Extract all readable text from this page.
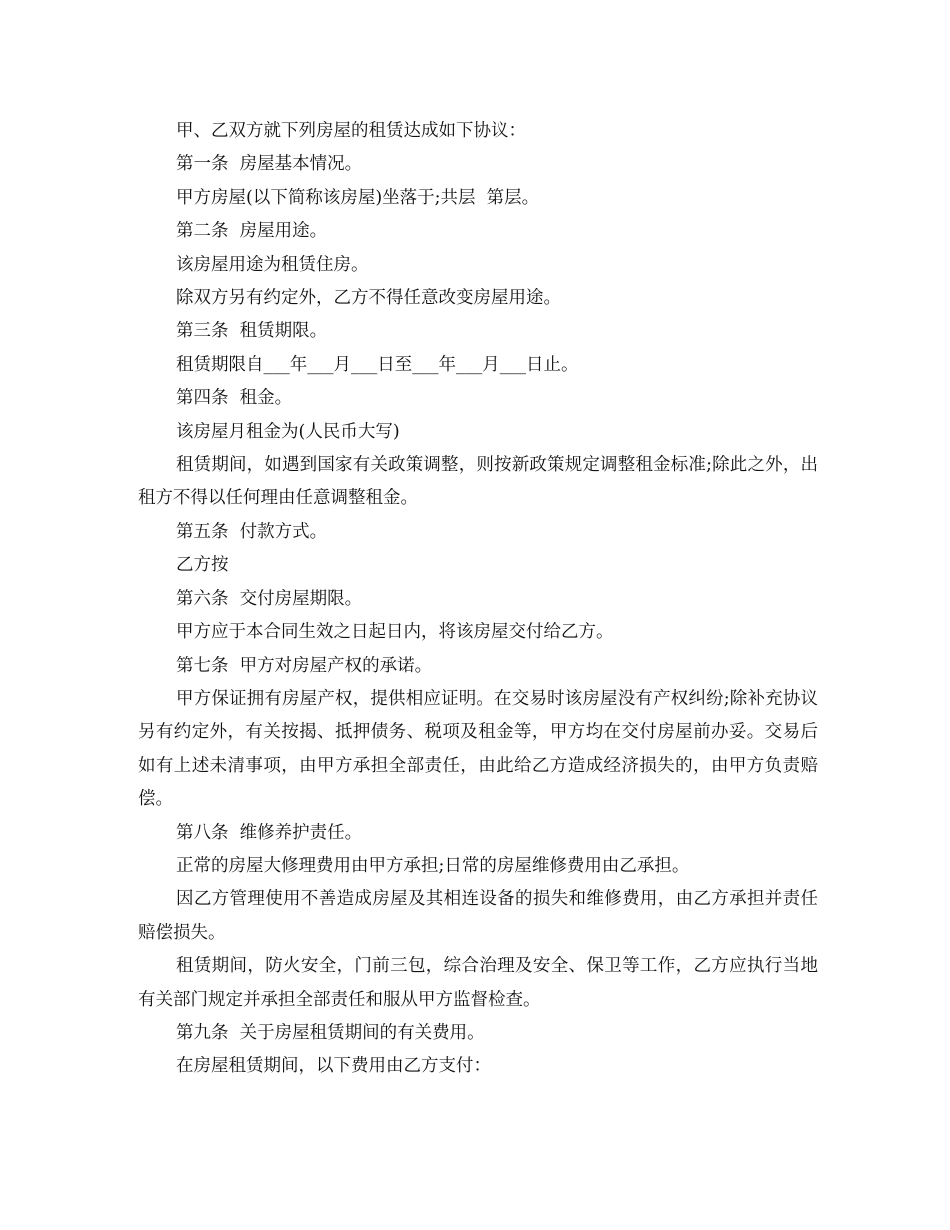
甲、乙双方就下列房屋的租赁达成如下协议：

第一条  房屋基本情况。

甲方房屋(以下简称该房屋)坐落于;共层  第层。

第二条  房屋用途。

该房屋用途为租赁住房。

除双方另有约定外，乙方不得任意改变房屋用途。

第三条  租赁期限。

租赁期限自___年___月___日至___年___月___日止。

第四条  租金。

该房屋月租金为(人民币大写)

租赁期间，如遇到国家有关政策调整，则按新政策规定调整租金标准;除此之外，出租方不得以任何理由任意调整租金。

第五条  付款方式。

乙方按

第六条  交付房屋期限。

甲方应于本合同生效之日起日内，将该房屋交付给乙方。

第七条  甲方对房屋产权的承诺。

甲方保证拥有房屋产权，提供相应证明。在交易时该房屋没有产权纠纷;除补充协议另有约定外，有关按揭、抵押债务、税项及租金等，甲方均在交付房屋前办妥。交易后如有上述未清事项，由甲方承担全部责任，由此给乙方造成经济损失的，由甲方负责赔偿。

第八条  维修养护责任。

正常的房屋大修理费用由甲方承担;日常的房屋维修费用由乙承担。

因乙方管理使用不善造成房屋及其相连设备的损失和维修费用，由乙方承担并责任赔偿损失。

租赁期间，防火安全，门前三包，综合治理及安全、保卫等工作，乙方应执行当地有关部门规定并承担全部责任和服从甲方监督检查。

第九条  关于房屋租赁期间的有关费用。

在房屋租赁期间，以下费用由乙方支付：
